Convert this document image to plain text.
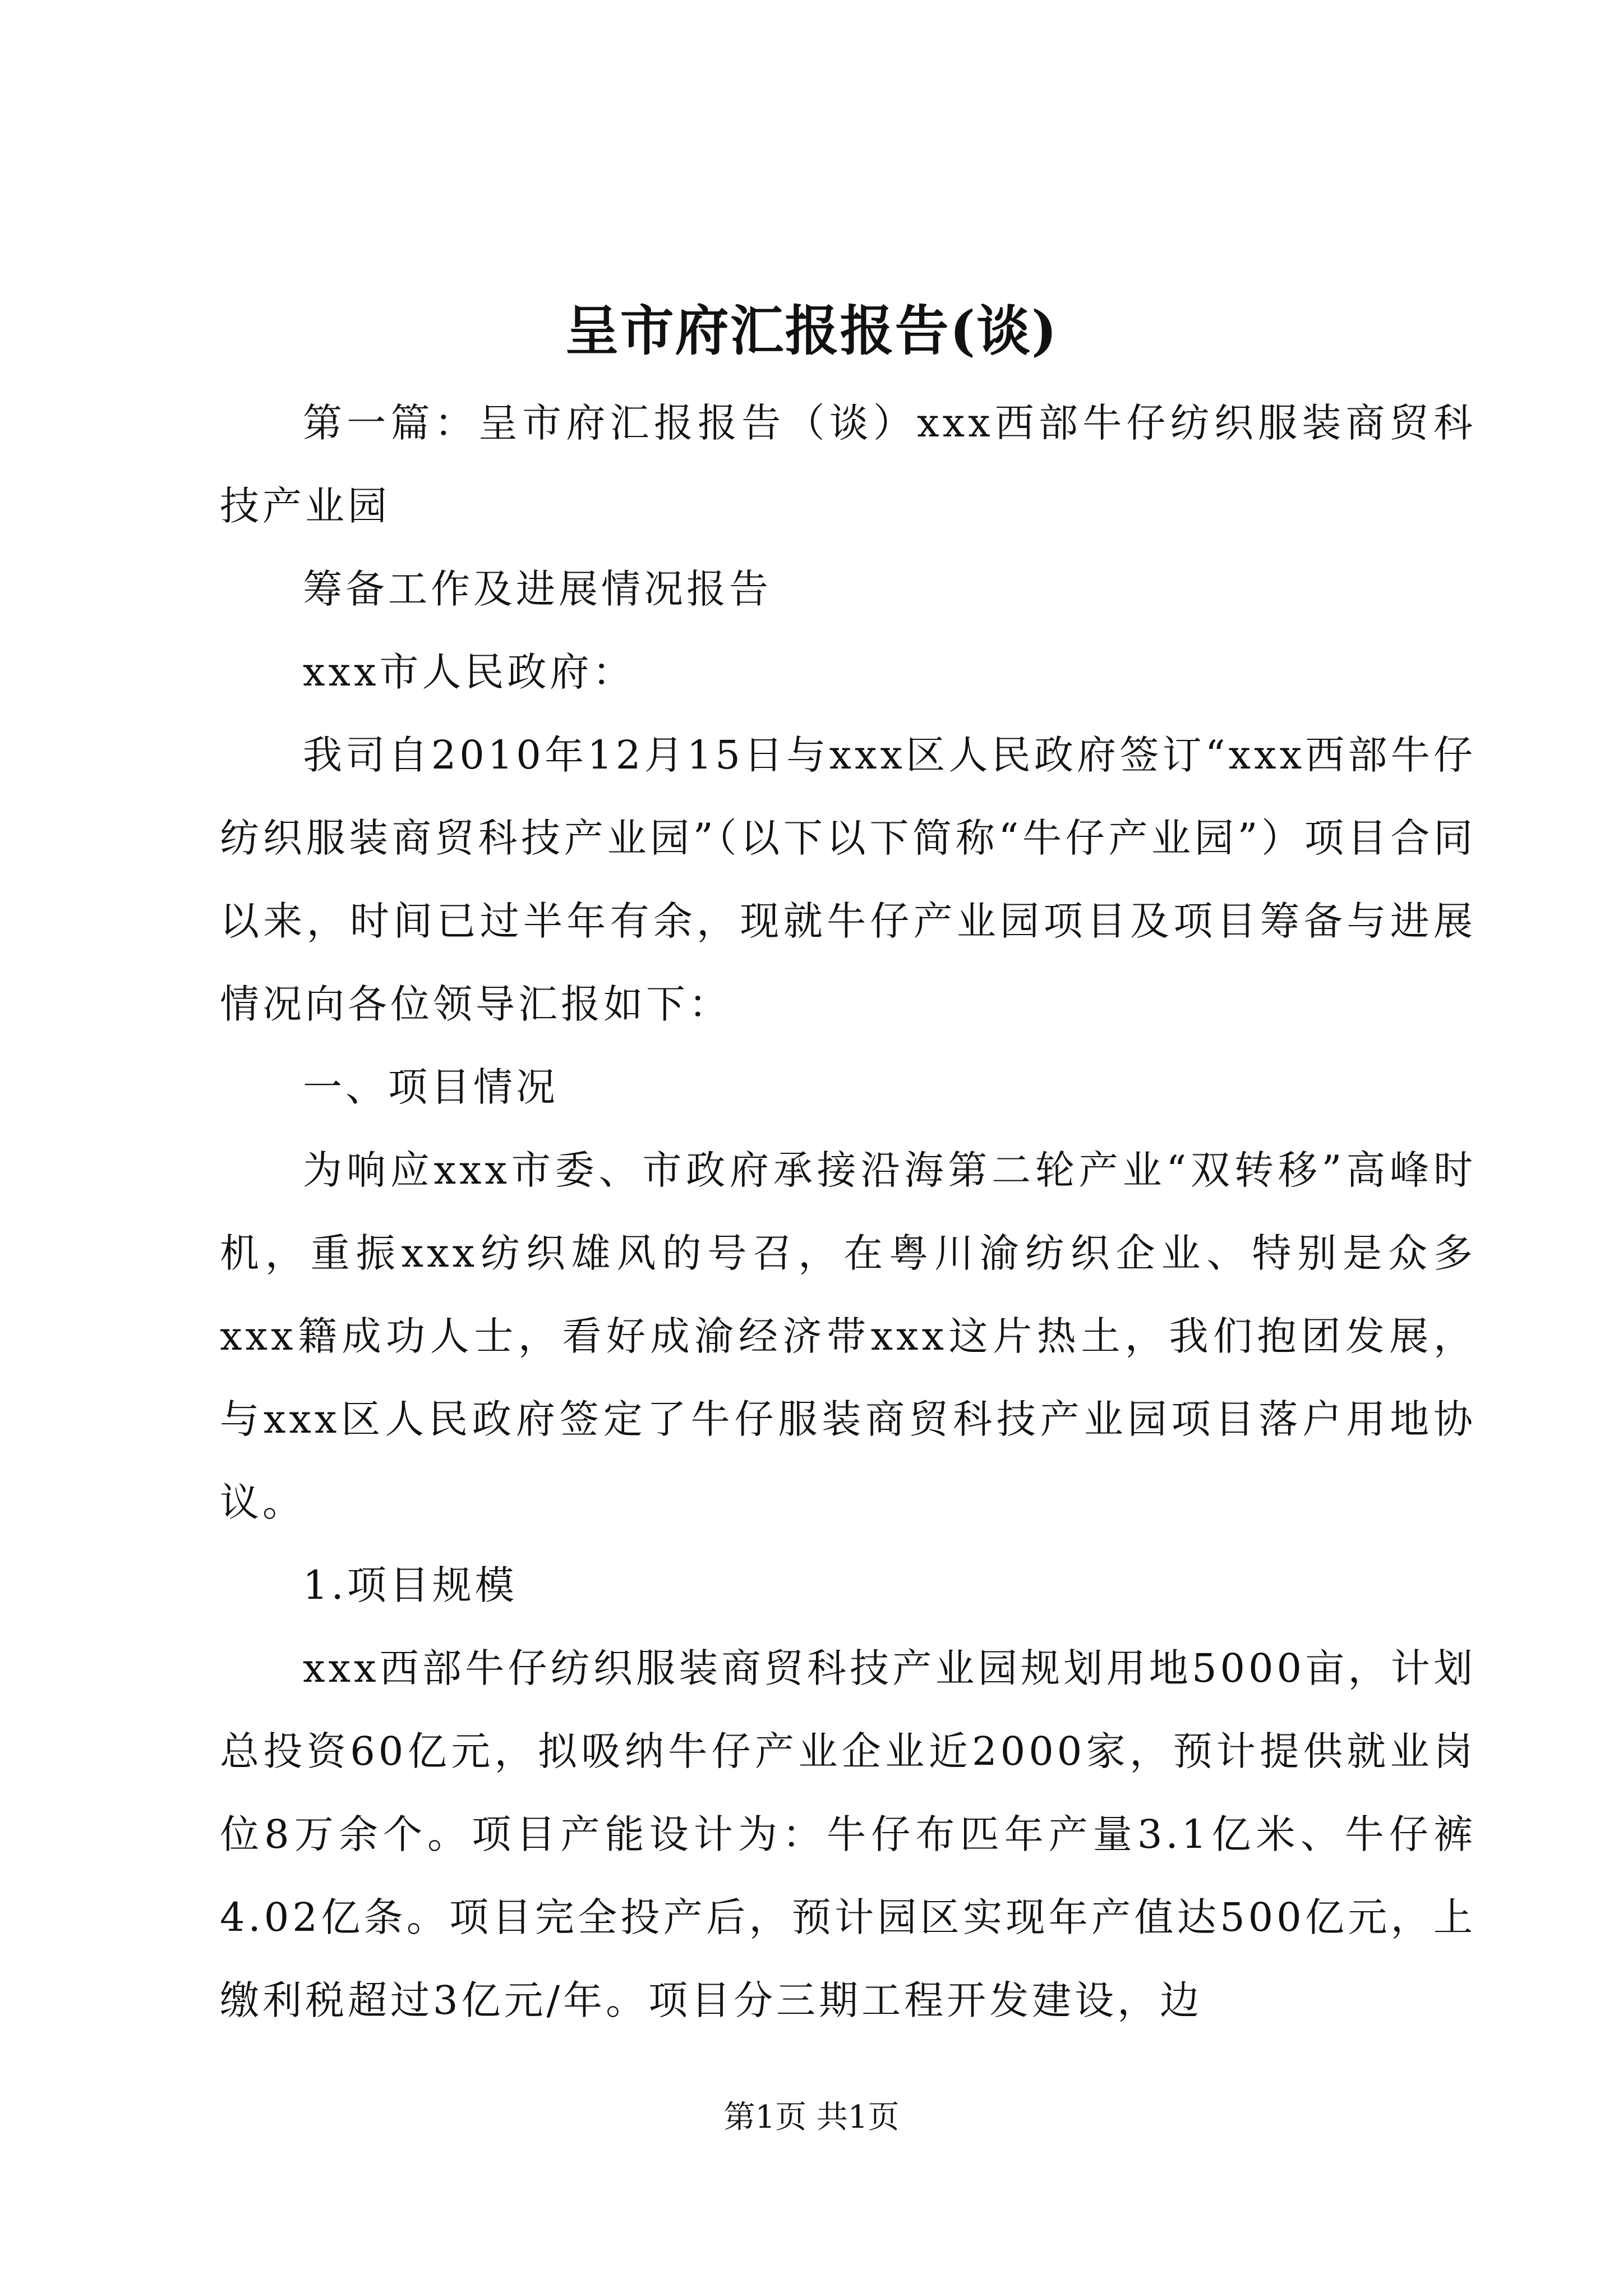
呈市府汇报报告(谈)

第一篇：呈市府汇报报告（谈）xxx西部牛仔纺织服装商贸科技产业园

筹备工作及进展情况报告

xxx市人民政府：

我司自2010年12月15日与xxx区人民政府签订“xxx西部牛仔纺织服装商贸科技产业园”（以下以下简称“牛仔产业园”）项目合同以来，时间已过半年有余，现就牛仔产业园项目及项目筹备与进展情况向各位领导汇报如下：

一、项目情况

为响应xxx市委、市政府承接沿海第二轮产业“双转移”高峰时机，重振xxx纺织雄风的号召，在粤川渝纺织企业、特别是众多xxx籍成功人士，看好成渝经济带xxx这片热土，我们抱团发展，与xxx区人民政府签定了牛仔服装商贸科技产业园项目落户用地协议。

1.项目规模

xxx西部牛仔纺织服装商贸科技产业园规划用地5000亩，计划总投资60亿元，拟吸纳牛仔产业企业近2000家，预计提供就业岗位8万余个。项目产能设计为：牛仔布匹年产量3.1亿米、牛仔裤4.02亿条。项目完全投产后，预计园区实现年产值达500亿元，上缴利税超过3亿元/年。项目分三期工程开发建设，边

第1页 共1页
